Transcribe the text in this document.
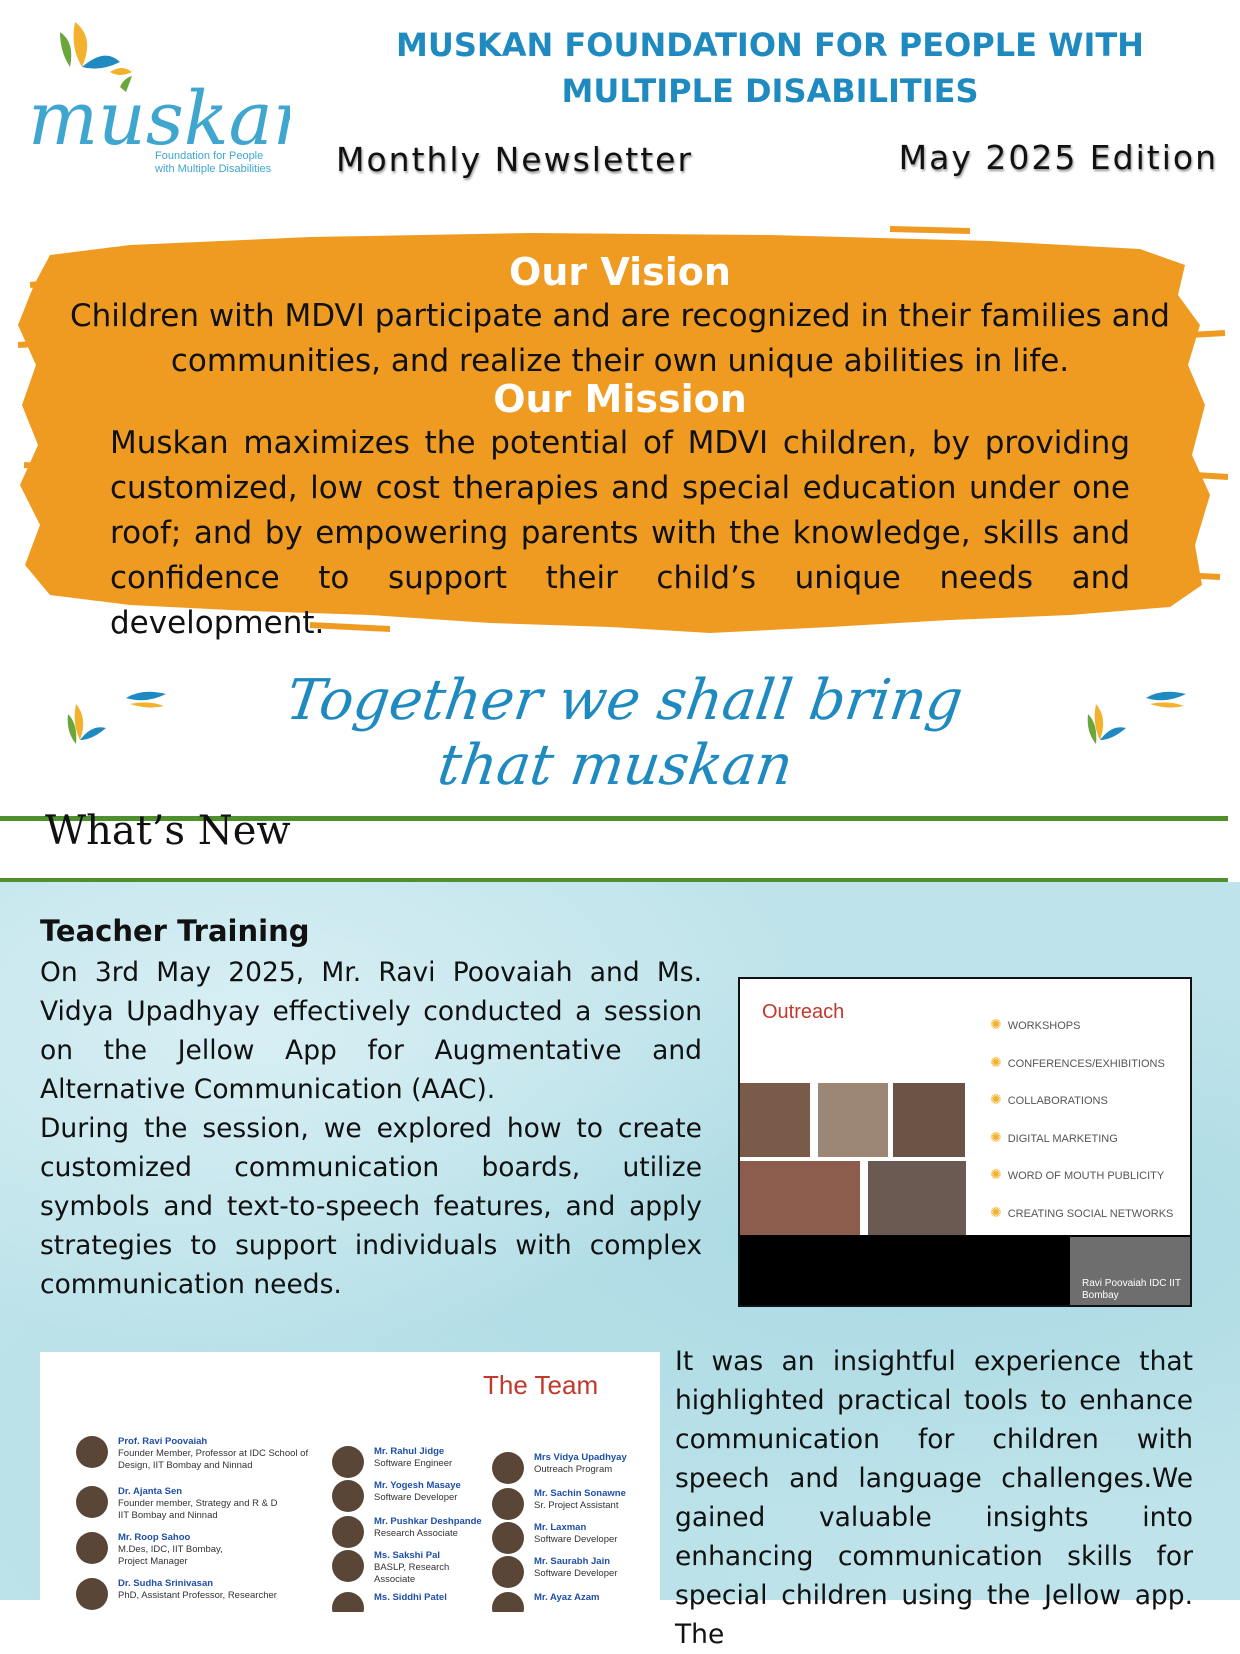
muska
Foundation for People
with Multiple Disabilities
MUSKAN FOUNDATION FOR PEOPLE WITH MULTIPLE DISABILITIES
Monthly Newsletter	May 2025 Edition
Our Vision
Children with MDVI participate and are recognized in their families and communities, and realize their own unique abilities in life.
Our Mission
Muskan maximizes the potential of MDVI children, by providing customized, low cost therapies and special education under one roof; and by empowering parents with the knowledge, skills and confidence to support their child’s unique needs and development.
Together we shall bring that muskan
What’s New
Teacher Training
On 3rd May 2025, Mr. Ravi Poovaiah and Ms. Vidya Upadhyay effectively conducted a session on the Jellow App for Augmentative and Alternative Communication (AAC).
During the session, we explored how to create customized communication boards, utilize symbols and text-to-speech features, and apply strategies to support individuals with complex communication needs.
Outreach
✺ WORKSHOPS
✺ CONFERENCES/EXHIBITIONS
✺ COLLABORATIONS
✺ DIGITAL MARKETING
✺ WORD OF MOUTH PUBLICITY
✺ CREATING SOCIAL NETWORKS
Ravi Poovaiah IDC IIT
Bombay
The Team
Prof. Ravi Poovaiah
Founder Member, Professor at IDC School of
Design, IIT Bombay and Ninnad
Dr. Ajanta Sen
Founder member, Strategy and R & D
IIT Bombay and Ninnad
Mr. Roop Sahoo
M.Des, IDC, IIT Bombay,
Project Manager
Dr. Sudha Srinivasan
PhD, Assistant Professor, Researcher
Mr. Rahul Jidge
Software Engineer
Mr. Yogesh Masaye
Software Developer
Mr. Pushkar Deshpande
Research Associate
Ms. Sakshi Pal
BASLP, Research
Associate
Ms. Siddhi Patel
Mrs Vidya Upadhyay
Outreach Program
Mr. Sachin Sonawne
Sr. Project Assistant
Mr. Laxman
Software Developer
Mr. Saurabh Jain
Software Developer
Mr. Ayaz Azam
It was an insightful experience that highlighted practical tools to enhance communication for children with speech and language challenges.We gained valuable insights into enhancing communication skills for special children using the Jellow app. The
